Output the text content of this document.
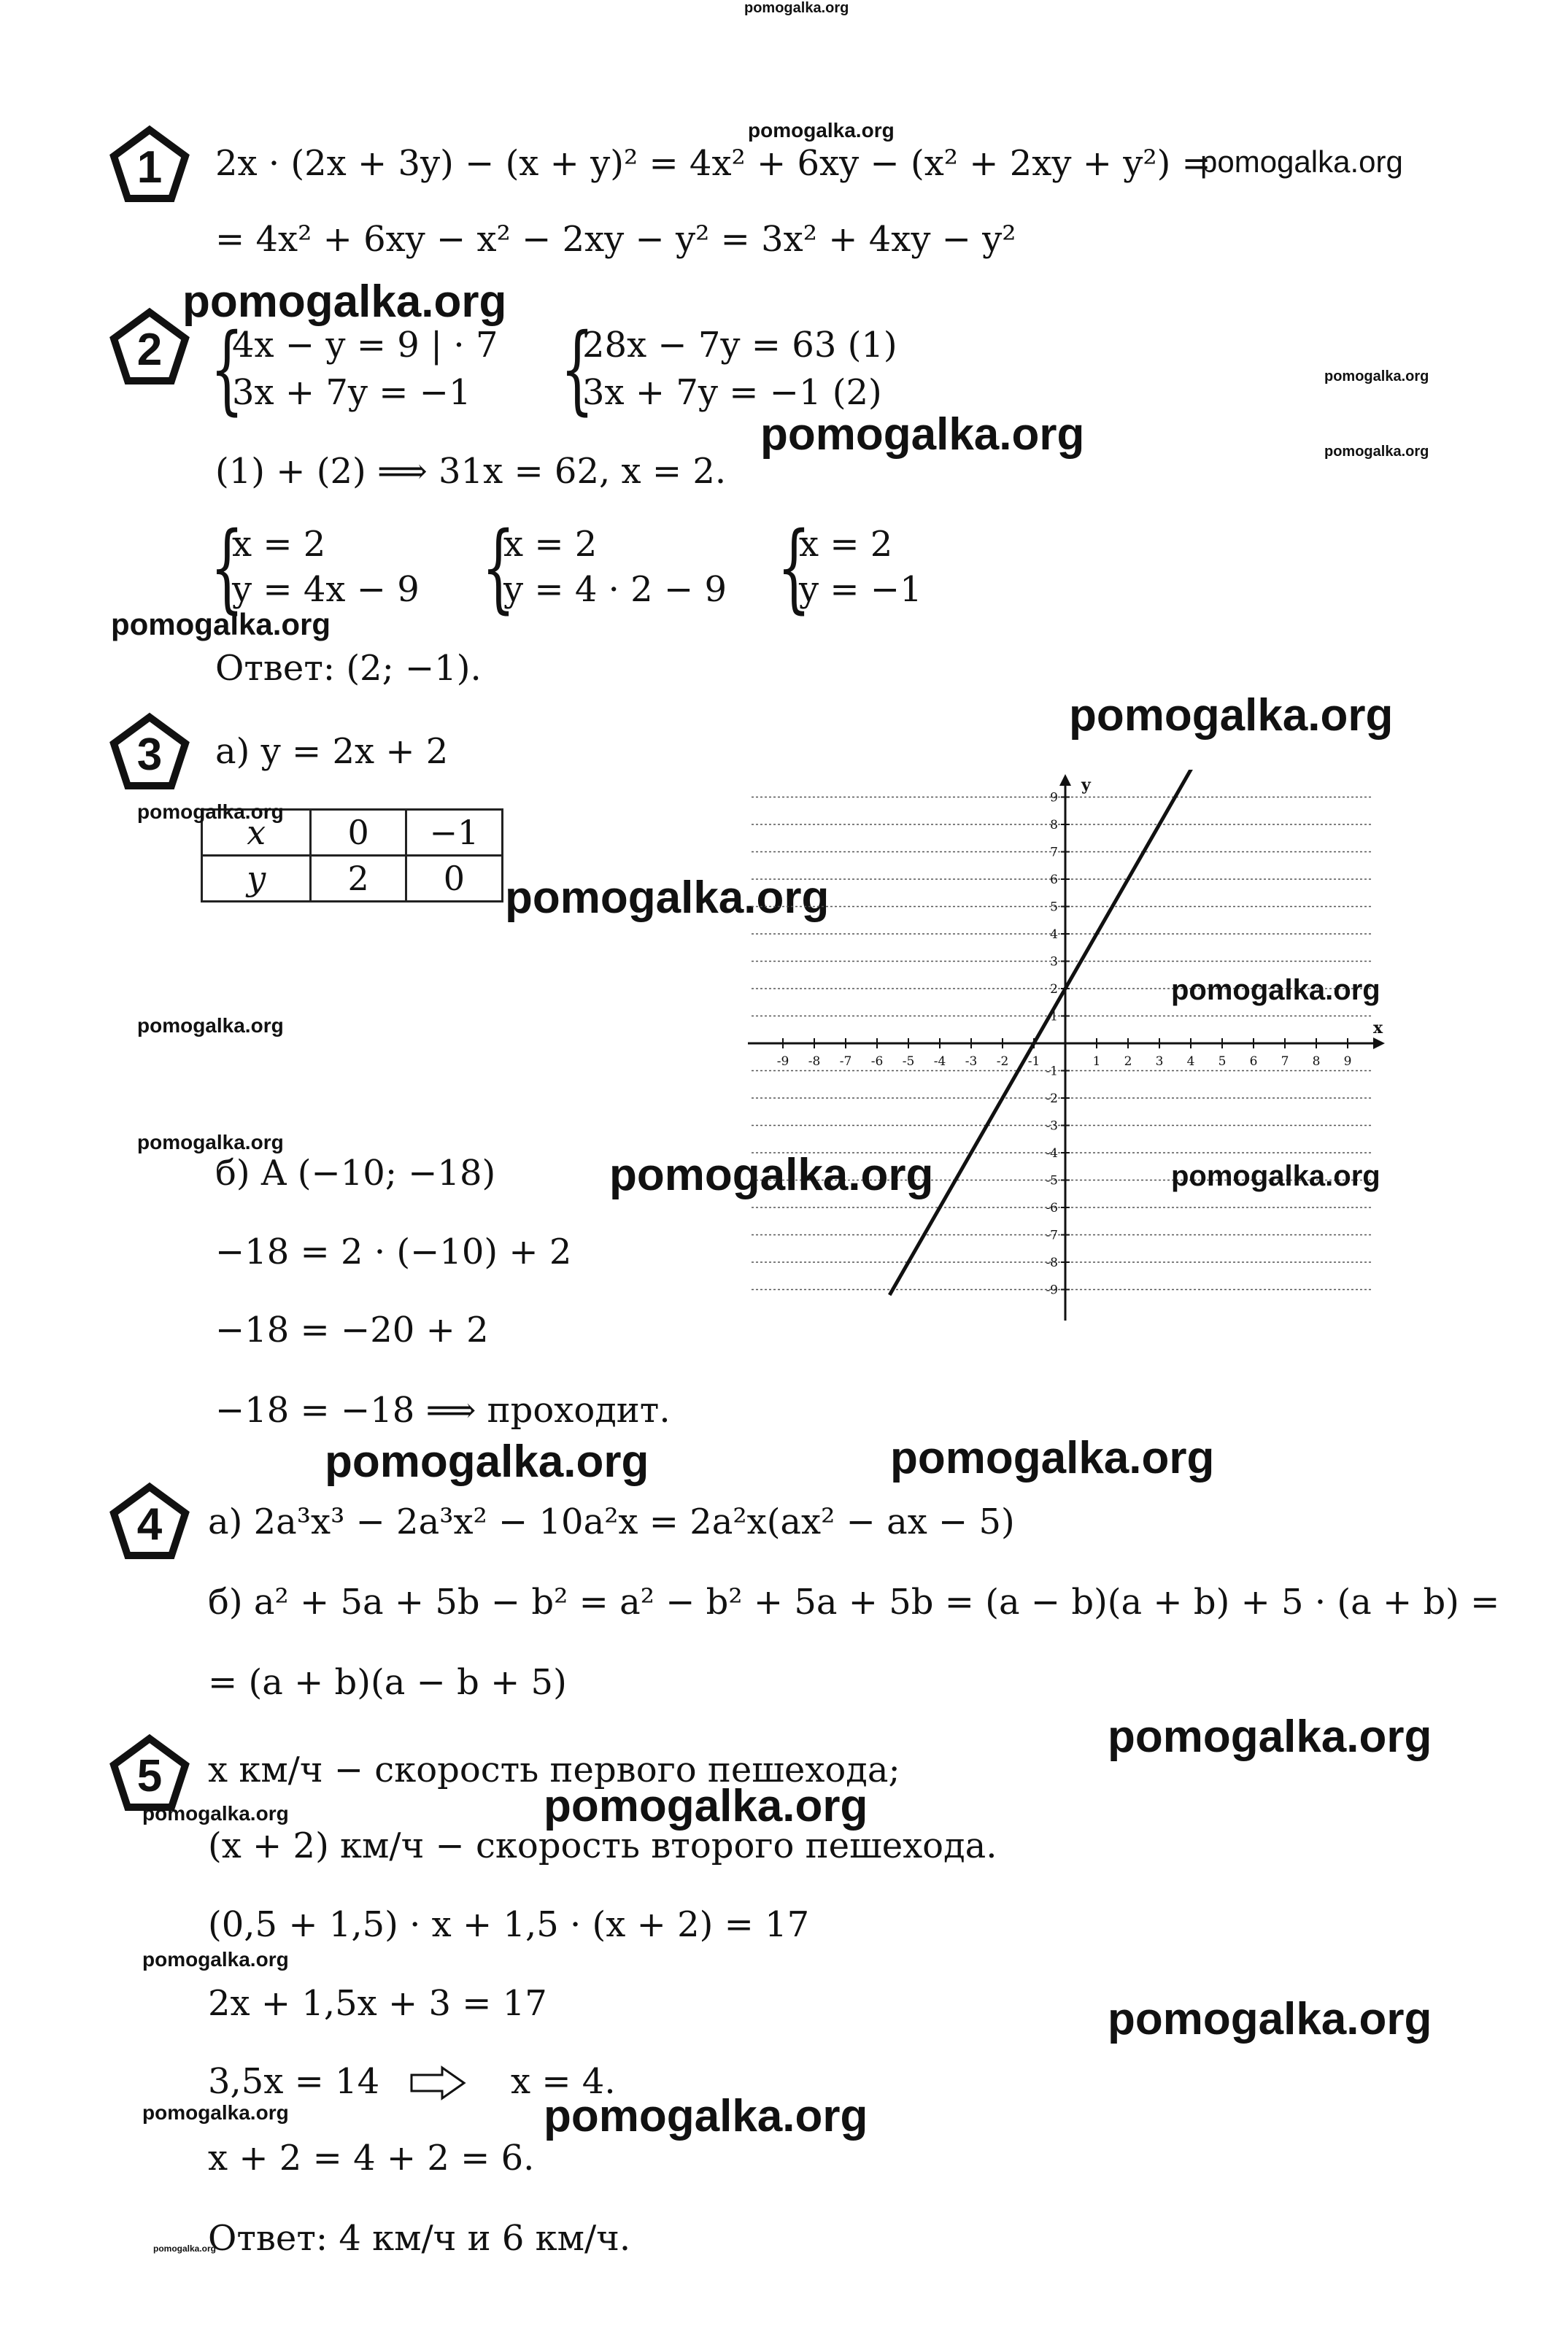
pomogalka.org
1
pomogalka.org
2x · (2x + 3y) − (x + y)² = 4x² + 6xy − (x² + 2xy + y²) =
pomogalka.org
= 4x² + 6xy − x² − 2xy − y² = 3x² + 4xy − y²
pomogalka.org
2 {
4x − y = 9 | · 7
3x + 7y = −1 {
28x − 7y = 63 (1)
3x + 7y = −1 (2)	pomogalka.org
pomogalka.org	pomogalka.org
(1) + (2) ⟹ 31x = 62, x = 2.
{
x = 2
y = 4x − 9 {
x = 2
y = 4 · 2 − 9 {
x = 2
y = −1
pomogalka.org
Ответ: (2; −1).
pomogalka.org
3 а) y = 2x + 2
x	0	−1
y	2	0
pomogalka.org
pomogalka.org
pomogalka.org	x
y
-9 -8 -7 -6 -5 -4 -3 -2 -1	1 2 3 4 5 6 7 8 9
9
8
7
6
5
4
3
2
1
-1
-2
-3
-4
-5
-6
-7
-8
-9
pomogalka.org
pomogalka.org	pomogalka.org
pomogalka.org
б) A (−10; −18)
−18 = 2 · (−10) + 2
−18 = −20 + 2
−18 = −18 ⟹ проходит.
pomogalka.org	pomogalka.org
4 а) 2a³x³ − 2a³x² − 10a²x = 2a²x(ax² − ax − 5)
б) a² + 5a + 5b − b² = a² − b² + 5a + 5b = (a − b)(a + b) + 5 · (a + b) =
= (a + b)(a − b + 5)
pomogalka.org
5 x км/ч − скорость первого пешехода;
pomogalka.org
pomogalka.org
(x + 2) км/ч − скорость второго пешехода.
(0,5 + 1,5) · x + 1,5 · (x + 2) = 17
pomogalka.org
2x + 1,5x + 3 = 17	pomogalka.org
3,5x = 14	x = 4.
pomogalka.org	pomogalka.org
x + 2 = 4 + 2 = 6.
pomogalka.org
Ответ: 4 км/ч и 6 км/ч.
